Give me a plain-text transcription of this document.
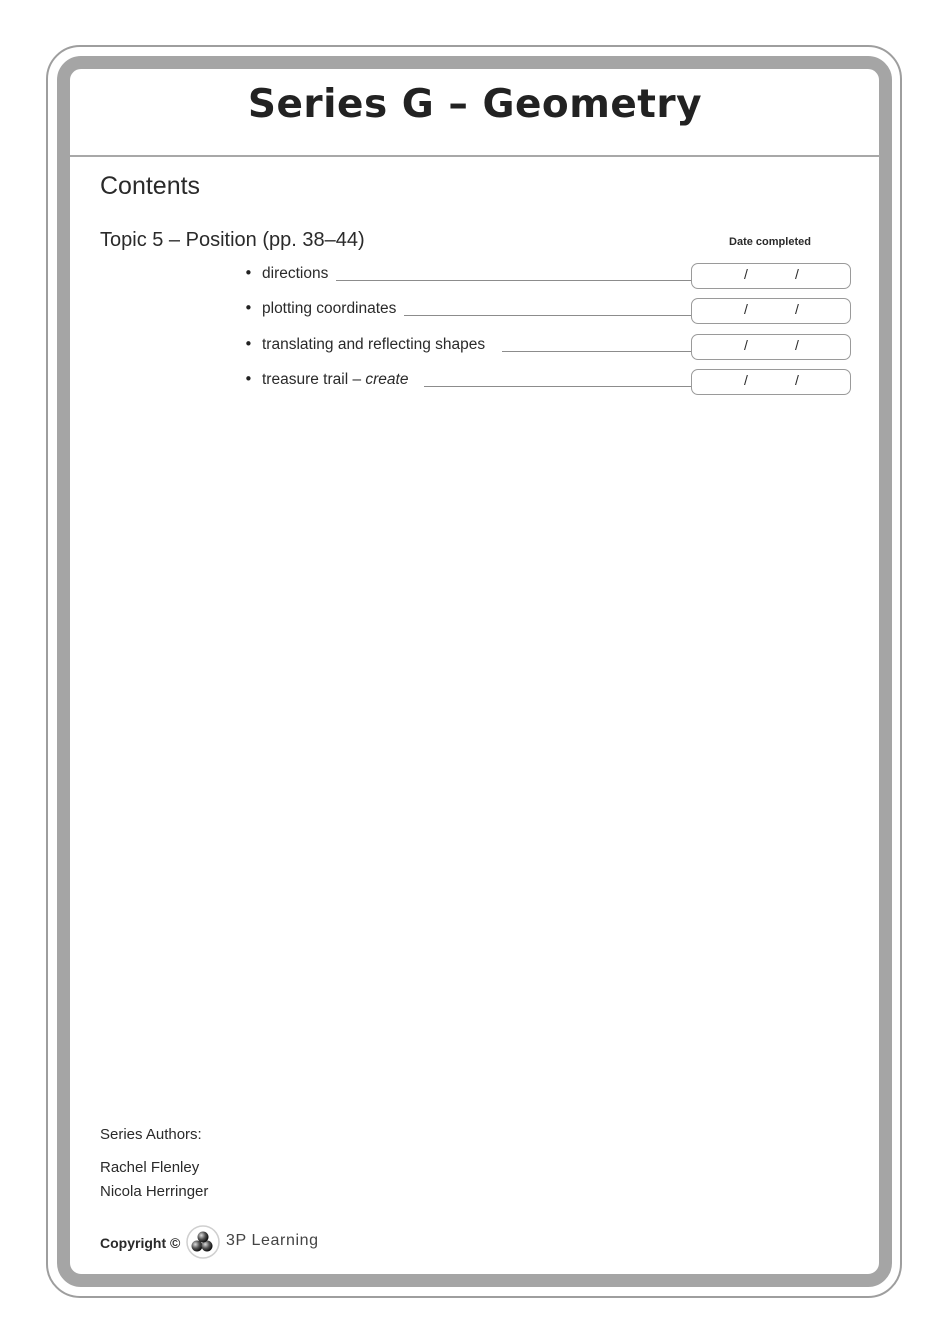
Series G – Geometry
Contents
Topic 5 – Position (pp. 38–44)	Date completed
• directions	/	/
• plotting coordinates	/	/
• translating and reflecting shapes	/	/
• treasure trail – create	/	/
Series Authors:
Rachel Flenley
Nicola Herringer
Copyright ©	3P Learning
